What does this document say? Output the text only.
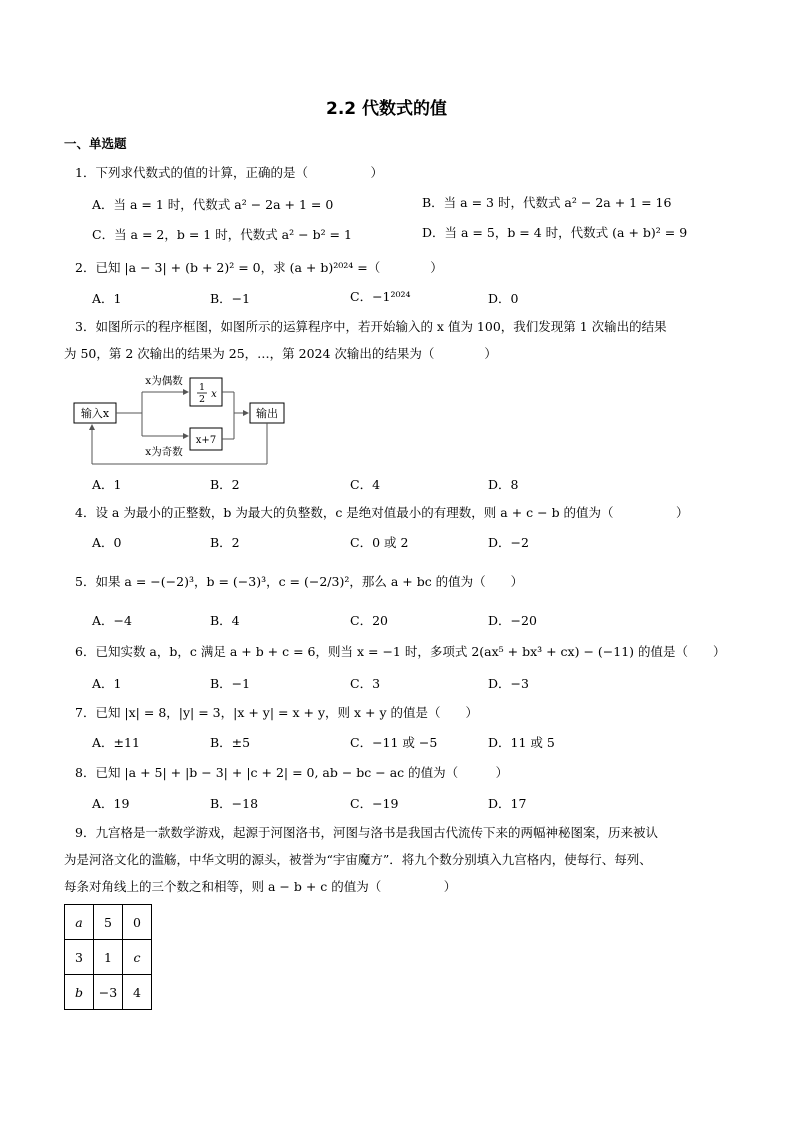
2.2 代数式的值
一、单选题
1．下列求代数式的值的计算，正确的是（　　　　　）
A．当 a = 1 时，代数式 a² − 2a + 1 = 0	B．当 a = 3 时，代数式 a² − 2a + 1 = 16
C．当 a = 2，b = 1 时，代数式 a² − b² = 1	D．当 a = 5，b = 4 时，代数式 (a + b)² = 9
2．已知 |a − 3| + (b + 2)² = 0，求 (a + b)²⁰²⁴ =（　　　　）
A．1	B．−1	C．−1²⁰²⁴	D．0
3．如图所示的程序框图，如图所示的运算程序中，若开始输入的 x 值为 100，我们发现第 1 次输出的结果
为 50，第 2 次输出的结果为 25，…，第 2024 次输出的结果为（　　　　）
输入x
x为偶数
x为奇数
1
2 x
x+7
输出
A．1	B．2	C．4	D．8
4．设 a 为最小的正整数，b 为最大的负整数，c 是绝对值最小的有理数，则 a + c − b 的值为（　　　　　）
A．0	B．2	C．0 或 2	D．−2
5．如果 a = −(−2)³，b = (−3)³，c = (−2/3)²，那么 a + bc 的值为（　　）
A．−4	B．4	C．20	D．−20
6．已知实数 a，b，c 满足 a + b + c = 6，则当 x = −1 时，多项式 2(ax⁵ + bx³ + cx) − (−11) 的值是（　　）
A．1	B．−1	C．3	D．−3
7．已知 |x| = 8，|y| = 3，|x + y| = x + y，则 x + y 的值是（　　）
A．±11	B．±5	C．−11 或 −5	D．11 或 5
8．已知 |a + 5| + |b − 3| + |c + 2| = 0, ab − bc − ac 的值为（　　　）
A．19	B．−18	C．−19	D．17
9．九宫格是一款数学游戏，起源于河图洛书，河图与洛书是我国古代流传下来的两幅神秘图案，历来被认
为是河洛文化的滥觞，中华文明的源头，被誉为“宇宙魔方”．将九个数分别填入九宫格内，使每行、每列、
每条对角线上的三个数之和相等，则 a − b + c 的值为（　　　　　）
a	5	0
3	1	c
b	−3	4
